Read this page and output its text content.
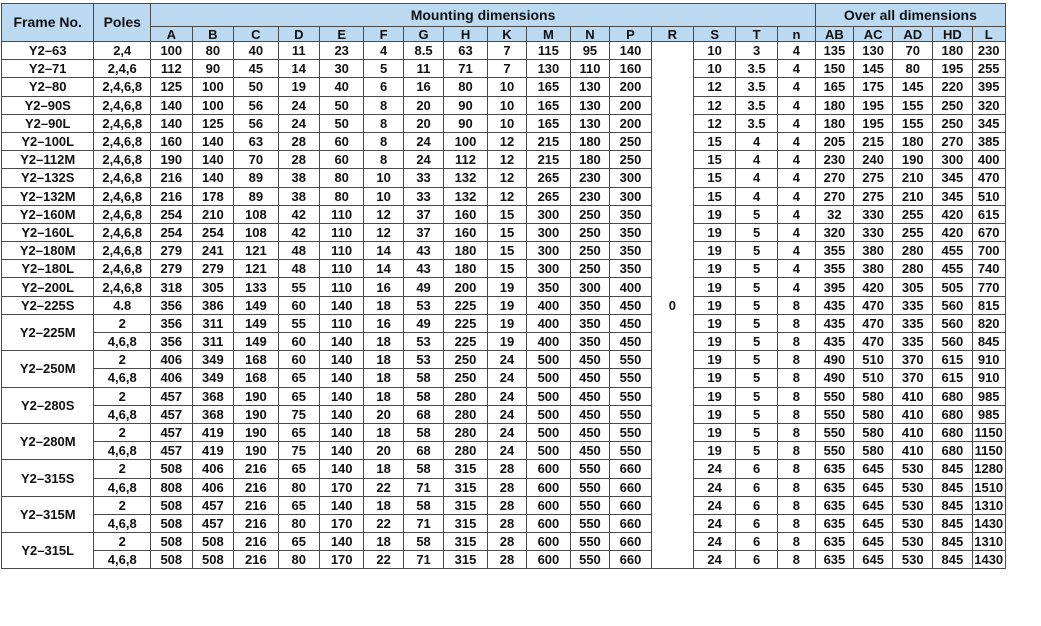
Frame No.	Poles	Mounting dimensions																Over all dimensions				
		A	B	C	D	E	F	G	H	K	M	N	P	R	S	T	n	AB	AC	AD	HD	L
Y2–63	2,4	100	80	40	11	23	4	8.5	63	7	115	95	140	0	10	3	4	135	130	70	180	230
Y2–71	2,4,6	112	90	45	14	30	5	11	71	7	130	110	160		10	3.5	4	150	145	80	195	255
Y2–80	2,4,6,8	125	100	50	19	40	6	16	80	10	165	130	200		12	3.5	4	165	175	145	220	395
Y2–90S	2,4,6,8	140	100	56	24	50	8	20	90	10	165	130	200		12	3.5	4	180	195	155	250	320
Y2–90L	2,4,6,8	140	125	56	24	50	8	20	90	10	165	130	200		12	3.5	4	180	195	155	250	345
Y2–100L	2,4,6,8	160	140	63	28	60	8	24	100	12	215	180	250		15	4	4	205	215	180	270	385
Y2–112M	2,4,6,8	190	140	70	28	60	8	24	112	12	215	180	250		15	4	4	230	240	190	300	400
Y2–132S	2,4,6,8	216	140	89	38	80	10	33	132	12	265	230	300		15	4	4	270	275	210	345	470
Y2–132M	2,4,6,8	216	178	89	38	80	10	33	132	12	265	230	300		15	4	4	270	275	210	345	510
Y2–160M	2,4,6,8	254	210	108	42	110	12	37	160	15	300	250	350		19	5	4	32	330	255	420	615
Y2–160L	2,4,6,8	254	254	108	42	110	12	37	160	15	300	250	350		19	5	4	320	330	255	420	670
Y2–180M	2,4,6,8	279	241	121	48	110	14	43	180	15	300	250	350		19	5	4	355	380	280	455	700
Y2–180L	2,4,6,8	279	279	121	48	110	14	43	180	15	300	250	350		19	5	4	355	380	280	455	740
Y2–200L	2,4,6,8	318	305	133	55	110	16	49	200	19	350	300	400		19	5	4	395	420	305	505	770
Y2–225S	4.8	356	386	149	60	140	18	53	225	19	400	350	450		19	5	8	435	470	335	560	815
Y2–225M	2	356	311	149	55	110	16	49	225	19	400	350	450		19	5	8	435	470	335	560	820
	4,6,8	356	311	149	60	140	18	53	225	19	400	350	450		19	5	8	435	470	335	560	845
Y2–250M	2	406	349	168	60	140	18	53	250	24	500	450	550		19	5	8	490	510	370	615	910
	4,6,8	406	349	168	65	140	18	58	250	24	500	450	550		19	5	8	490	510	370	615	910
Y2–280S	2	457	368	190	65	140	18	58	280	24	500	450	550		19	5	8	550	580	410	680	985
	4,6,8	457	368	190	75	140	20	68	280	24	500	450	550		19	5	8	550	580	410	680	985
Y2–280M	2	457	419	190	65	140	18	58	280	24	500	450	550		19	5	8	550	580	410	680	1150
	4,6,8	457	419	190	75	140	20	68	280	24	500	450	550		19	5	8	550	580	410	680	1150
Y2–315S	2	508	406	216	65	140	18	58	315	28	600	550	660		24	6	8	635	645	530	845	1280
	4,6,8	808	406	216	80	170	22	71	315	28	600	550	660		24	6	8	635	645	530	845	1510
Y2–315M	2	508	457	216	65	140	18	58	315	28	600	550	660		24	6	8	635	645	530	845	1310
	4,6,8	508	457	216	80	170	22	71	315	28	600	550	660		24	6	8	635	645	530	845	1430
Y2–315L	2	508	508	216	65	140	18	58	315	28	600	550	660		24	6	8	635	645	530	845	1310
	4,6,8	508	508	216	80	170	22	71	315	28	600	550	660		24	6	8	635	645	530	845	1430
